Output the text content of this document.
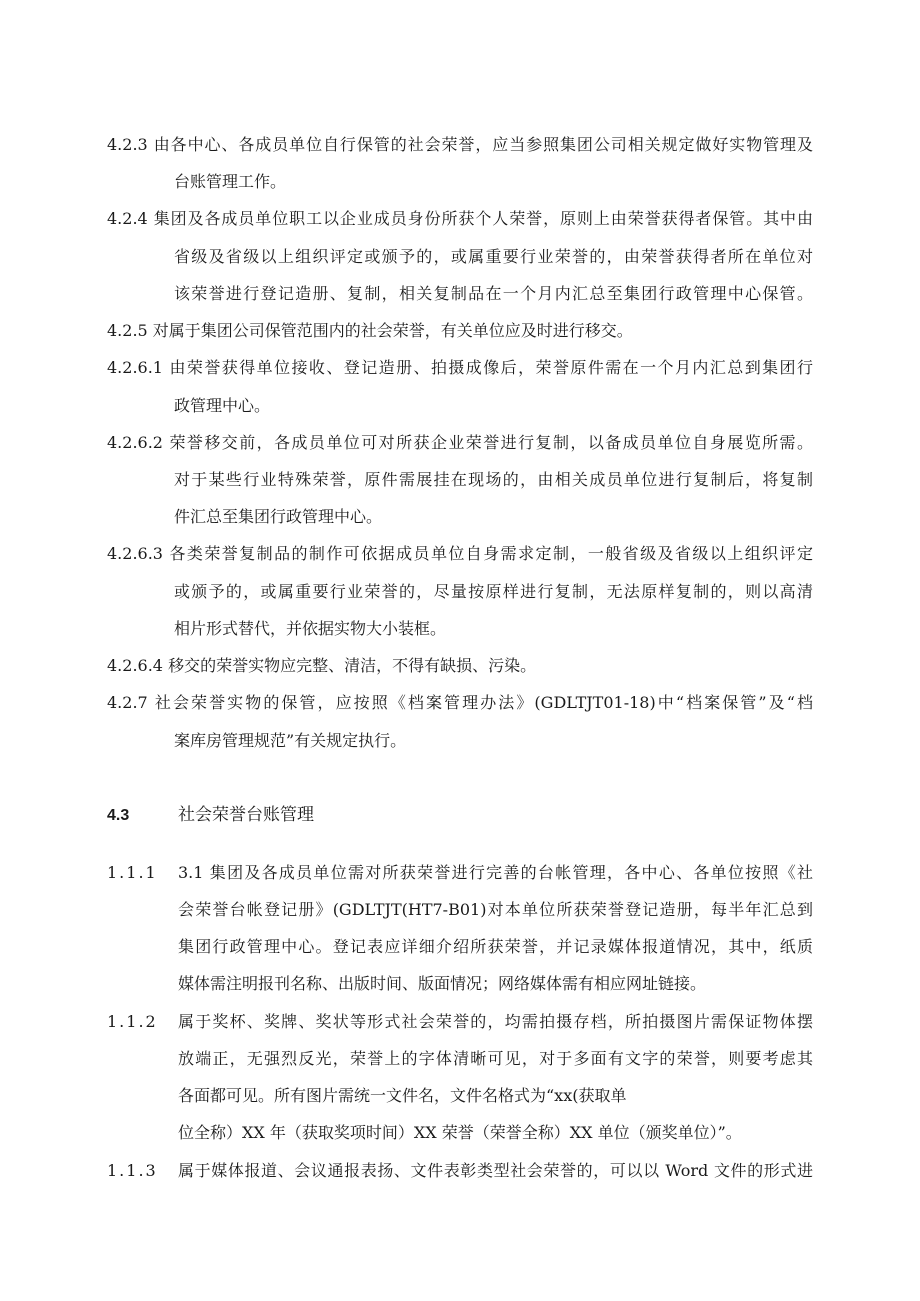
4.2.3 由各中心、各成员单位自行保管的社会荣誉，应当参照集团公司相关规定做好实物管理及
台账管理工作。
4.2.4 集团及各成员单位职工以企业成员身份所获个人荣誉，原则上由荣誉获得者保管。其中由
省级及省级以上组织评定或颁予的，或属重要行业荣誉的，由荣誉获得者所在单位对
该荣誉进行登记造册、复制，相关复制品在一个月内汇总至集团行政管理中心保管。
4.2.5 对属于集团公司保管范围内的社会荣誉，有关单位应及时进行移交。
4.2.6.1 由荣誉获得单位接收、登记造册、拍摄成像后，荣誉原件需在一个月内汇总到集团行
政管理中心。
4.2.6.2 荣誉移交前，各成员单位可对所获企业荣誉进行复制，以备成员单位自身展览所需。
对于某些行业特殊荣誉，原件需展挂在现场的，由相关成员单位进行复制后，将复制
件汇总至集团行政管理中心。
4.2.6.3 各类荣誉复制品的制作可依据成员单位自身需求定制，一般省级及省级以上组织评定
或颁予的，或属重要行业荣誉的，尽量按原样进行复制，无法原样复制的，则以高清
相片形式替代，并依据实物大小装框。
4.2.6.4 移交的荣誉实物应完整、清洁，不得有缺损、污染。
4.2.7 社会荣誉实物的保管，应按照《档案管理办法》(GDLTJT01-18)中“档案保管”及“档
案库房管理规范”有关规定执行。
4.3	社会荣誉台账管理
1.1.1 3.1 集团及各成员单位需对所获荣誉进行完善的台帐管理，各中心、各单位按照《社
会荣誉台帐登记册》(GDLTJT(HT7-B01)对本单位所获荣誉登记造册，每半年汇总到
集团行政管理中心。登记表应详细介绍所获荣誉，并记录媒体报道情况，其中，纸质
媒体需注明报刊名称、出版时间、版面情况；网络媒体需有相应网址链接。
1.1.2 属于奖杯、奖牌、奖状等形式社会荣誉的，均需拍摄存档，所拍摄图片需保证物体摆
放端正，无强烈反光，荣誉上的字体清晰可见，对于多面有文字的荣誉，则要考虑其
各面都可见。所有图片需统一文件名，文件名格式为“xx(获取单
位全称）XX 年（获取奖项时间）XX 荣誉（荣誉全称）XX 单位（颁奖单位）”。
1.1.3 属于媒体报道、会议通报表扬、文件表彰类型社会荣誉的，可以以 Word 文件的形式进
